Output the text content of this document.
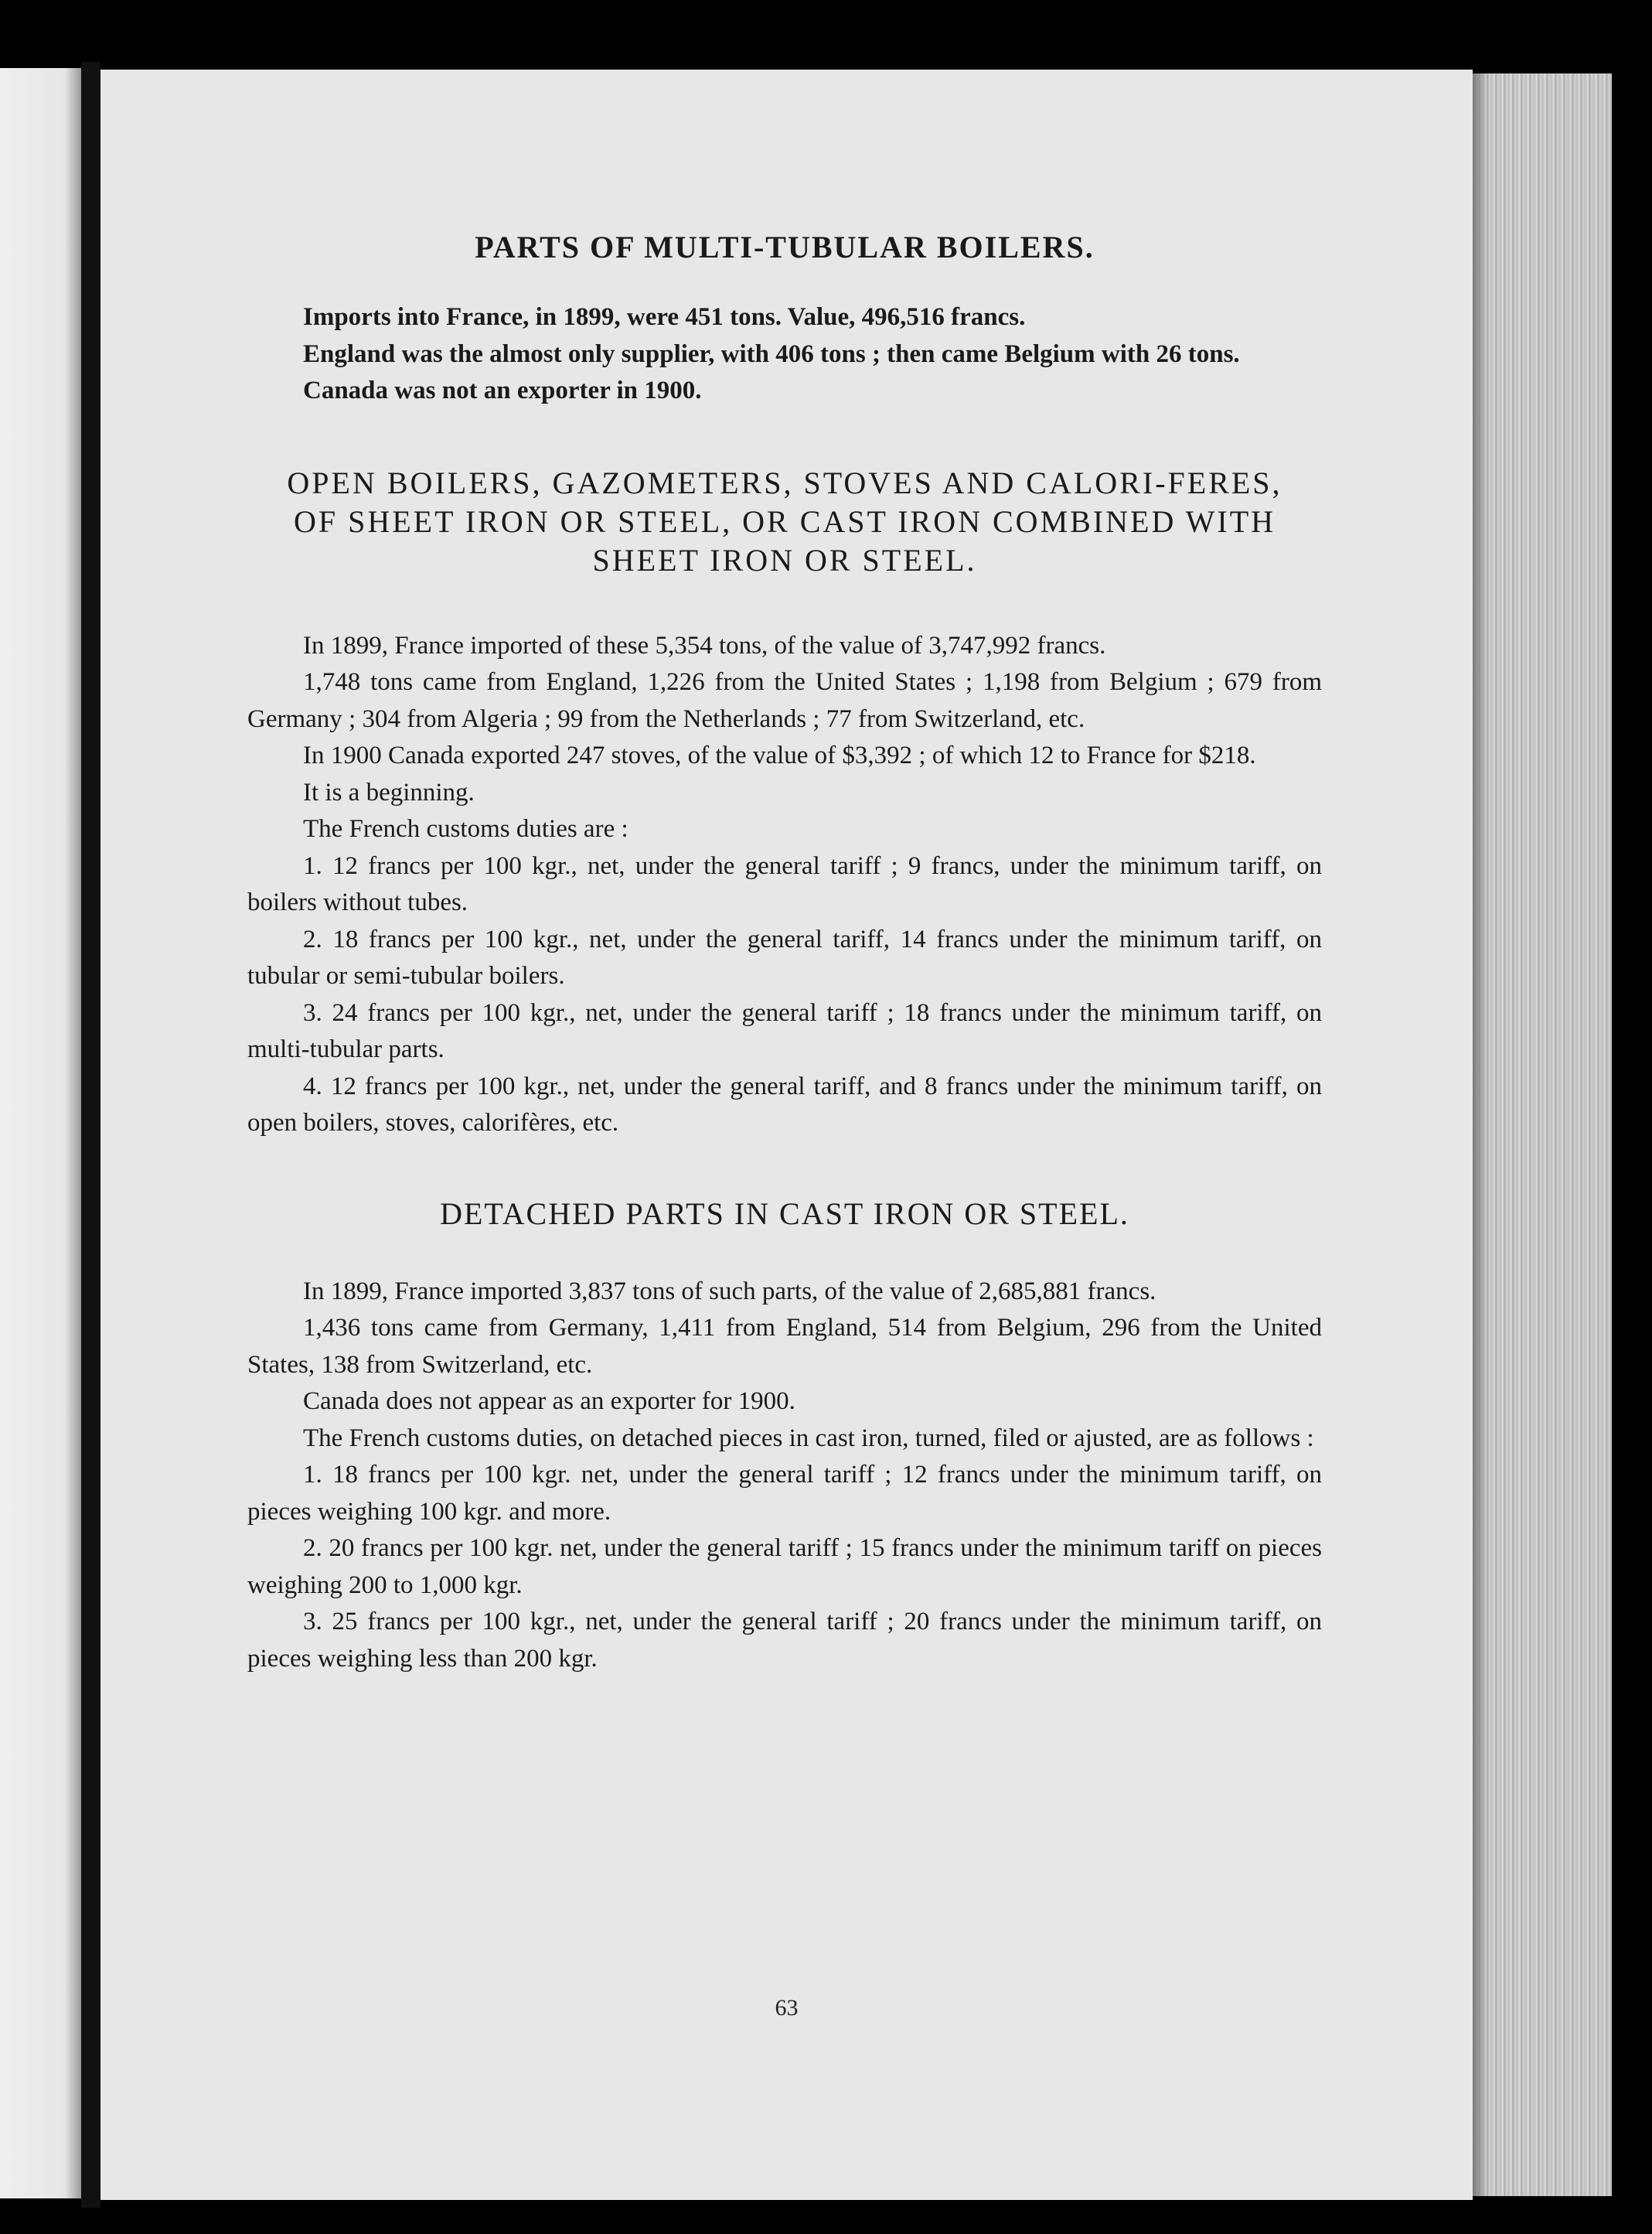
PARTS OF MULTI-TUBULAR BOILERS.

Imports into France, in 1899, were 451 tons. Value, 496,516 francs.

England was the almost only supplier, with 406 tons ; then came Belgium with 26 tons.

Canada was not an exporter in 1900.

OPEN BOILERS, GAZOMETERS, STOVES AND CALORI-FERES, OF SHEET IRON OR STEEL, OR CAST IRON COMBINED WITH SHEET IRON OR STEEL.

In 1899, France imported of these 5,354 tons, of the value of 3,747,992 francs.

1,748 tons came from England, 1,226 from the United States ; 1,198 from Belgium ; 679 from Germany ; 304 from Algeria ; 99 from the Netherlands ; 77 from Switzerland, etc.

In 1900 Canada exported 247 stoves, of the value of $3,392 ; of which 12 to France for $218.

It is a beginning.

The French customs duties are :

1. 12 francs per 100 kgr., net, under the general tariff ; 9 francs, under the minimum tariff, on boilers without tubes.

2. 18 francs per 100 kgr., net, under the general tariff, 14 francs under the minimum tariff, on tubular or semi-tubular boilers.

3. 24 francs per 100 kgr., net, under the general tariff ; 18 francs under the minimum tariff, on multi-tubular parts.

4. 12 francs per 100 kgr., net, under the general tariff, and 8 francs under the minimum tariff, on open boilers, stoves, calorifères, etc.

DETACHED PARTS IN CAST IRON OR STEEL.

In 1899, France imported 3,837 tons of such parts, of the value of 2,685,881 francs.

1,436 tons came from Germany, 1,411 from England, 514 from Belgium, 296 from the United States, 138 from Switzerland, etc.

Canada does not appear as an exporter for 1900.

The French customs duties, on detached pieces in cast iron, turned, filed or ajusted, are as follows :

1. 18 francs per 100 kgr. net, under the general tariff ; 12 francs under the minimum tariff, on pieces weighing 100 kgr. and more.

2. 20 francs per 100 kgr. net, under the general tariff ; 15 francs under the minimum tariff on pieces weighing 200 to 1,000 kgr.

3. 25 francs per 100 kgr., net, under the general tariff ; 20 francs under the minimum tariff, on pieces weighing less than 200 kgr.

63
